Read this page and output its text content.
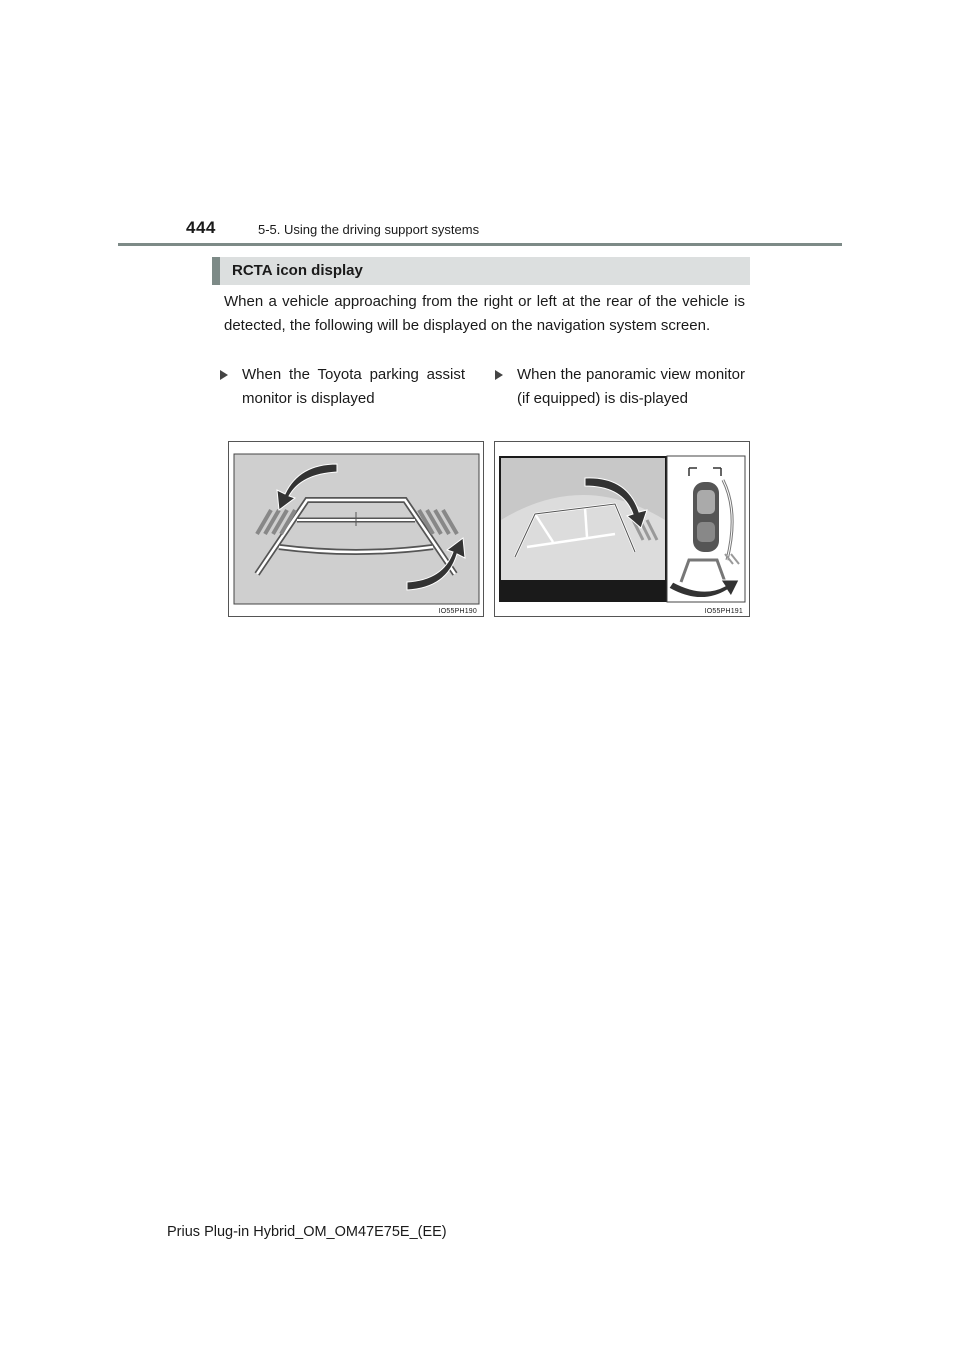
444	5-5. Using the driving support systems
RCTA icon display
When a vehicle approaching from the right or left at the rear of the vehicle is detected, the following will be displayed on the navigation system screen.
When the Toyota parking assist monitor is displayed
When the panoramic view monitor (if equipped) is dis-played
IO55PH190	IO55PH191
Prius Plug-in Hybrid_OM_OM47E75E_(EE)
